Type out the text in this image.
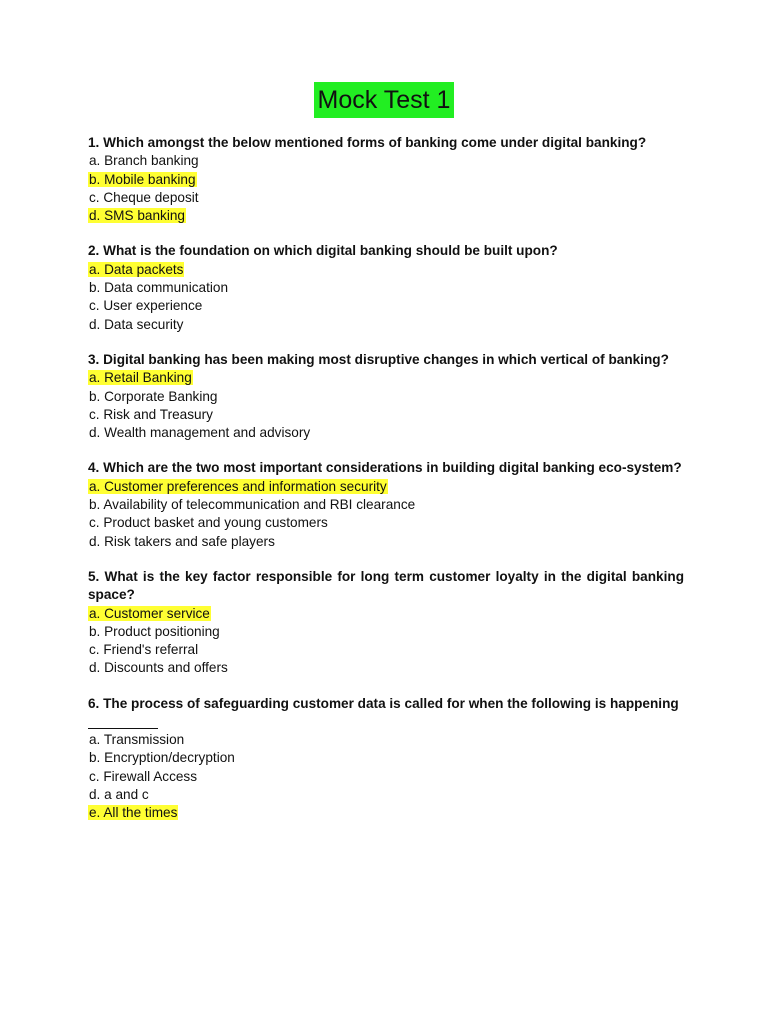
Mock Test 1

1. Which amongst the below mentioned forms of banking come under digital banking?

a. Branch banking

b. Mobile banking

c. Cheque deposit

d. SMS banking

2. What is the foundation on which digital banking should be built upon?

a. Data packets

b. Data communication

c. User experience

d. Data security

3. Digital banking has been making most disruptive changes in which vertical of banking?

a. Retail Banking

b. Corporate Banking

c. Risk and Treasury

d. Wealth management and advisory

4. Which are the two most important considerations in building digital banking eco-system?

a. Customer preferences and information security

b. Availability of telecommunication and RBI clearance

c. Product basket and young customers

d. Risk takers and safe players

5. What is the key factor responsible for long term customer loyalty in the digital banking space?

a. Customer service

b. Product positioning

c. Friend's referral

d. Discounts and offers

6. The process of safeguarding customer data is called for when the following is happening

a. Transmission

b. Encryption/decryption

c. Firewall Access

d. a and c

e. All the times
